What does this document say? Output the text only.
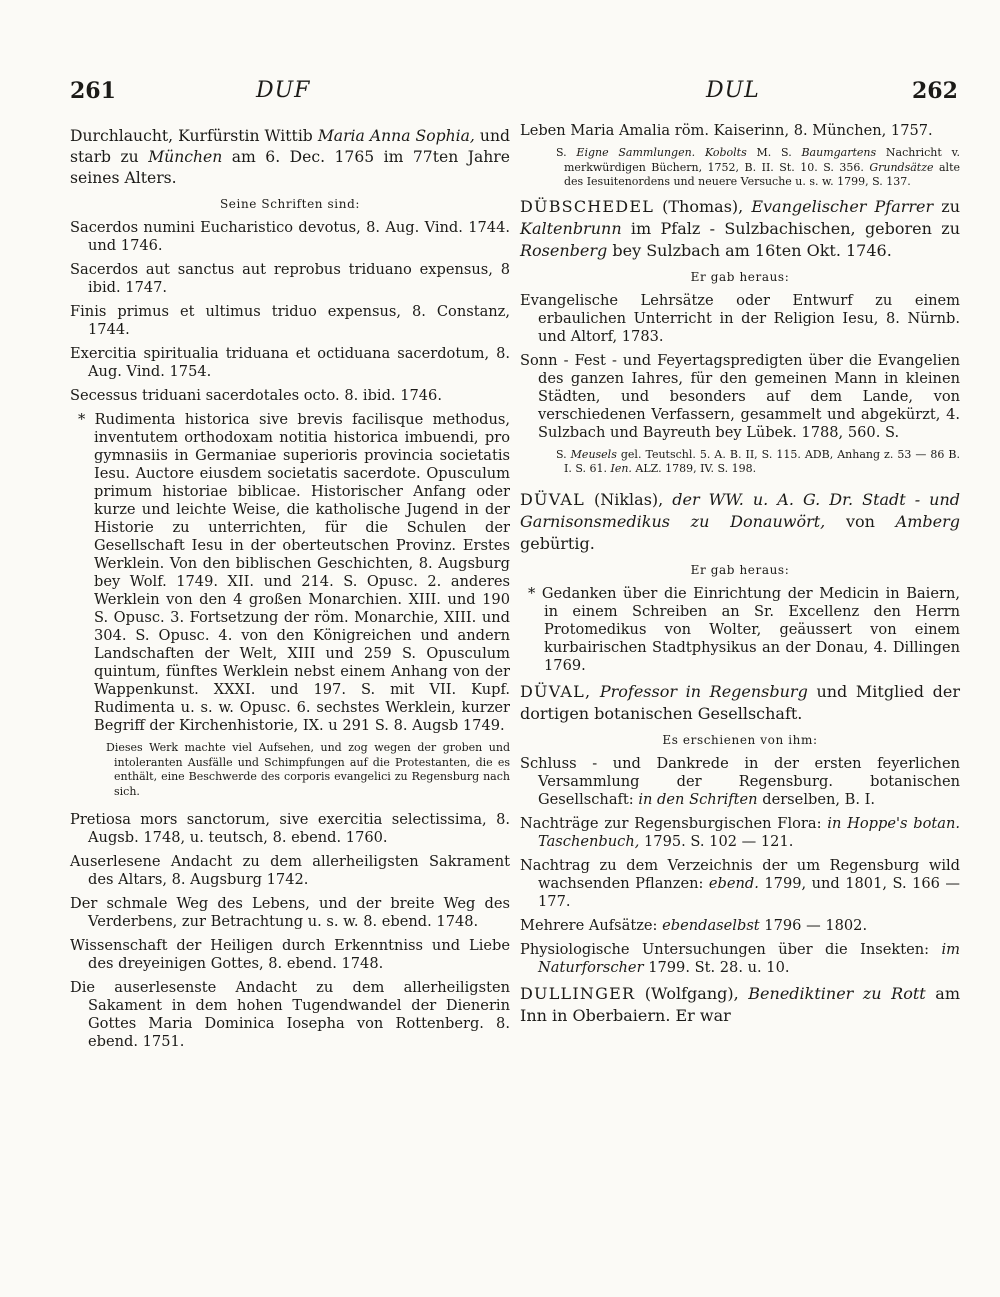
261	DUF	DUL	262

Durchlaucht, Kurfürstin Wittib Maria Anna Sophia, und starb zu München am 6. Dec. 1765 im 77ten Jahre seines Alters.

Seine Schriften sind:

Sacerdos numini Eucharistico devotus, 8. Aug. Vind. 1744. und 1746.

Sacerdos aut sanctus aut reprobus triduano expensus, 8 ibid. 1747.

Finis primus et ultimus triduo expensus, 8. Constanz, 1744.

Exercitia spiritualia triduana et octiduana sacerdotum, 8. Aug. Vind. 1754.

Secessus triduani sacerdotales octo. 8. ibid. 1746.

* Rudimenta historica sive brevis facilisque methodus, inventutem orthodoxam notitia historica imbuendi, pro gymnasiis in Germaniae superioris provincia societatis Iesu. Auctore eiusdem societatis sacerdote. Opusculum primum historiae biblicae. Historischer Anfang oder kurze und leichte Weise, die katholische Jugend in der Historie zu unterrichten, für die Schulen der Gesellschaft Iesu in der oberteutschen Provinz. Erstes Werklein. Von den biblischen Geschichten, 8. Augsburg bey Wolf. 1749. XII. und 214. S. Opusc. 2. anderes Werklein von den 4 großen Monarchien. XIII. und 190 S. Opusc. 3. Fortsetzung der röm. Monarchie, XIII. und 304. S. Opusc. 4. von den Königreichen und andern Landschaften der Welt, XIII und 259 S. Opusculum quintum, fünftes Werklein nebst einem Anhang von der Wappenkunst. XXXI. und 197. S. mit VII. Kupf. Rudimenta u. s. w. Opusc. 6. sechstes Werklein, kurzer Begriff der Kirchenhistorie, IX. u 291 S. 8. Augsb 1749.

Dieses Werk machte viel Aufsehen, und zog wegen der groben und intoleranten Ausfälle und Schimpfungen auf die Protestanten, die es enthält, eine Beschwerde des corporis evangelici zu Regensburg nach sich.

Pretiosa mors sanctorum, sive exercitia selectissima, 8. Augsb. 1748, u. teutsch, 8. ebend. 1760.

Auserlesene Andacht zu dem allerheiligsten Sakrament des Altars, 8. Augsburg 1742.

Der schmale Weg des Lebens, und der breite Weg des Verderbens, zur Betrachtung u. s. w. 8. ebend. 1748.

Wissenschaft der Heiligen durch Erkenntniss und Liebe des dreyeinigen Gottes, 8. ebend. 1748.

Die auserlesenste Andacht zu dem allerheiligsten Sakament in dem hohen Tugendwandel der Dienerin Gottes Maria Dominica Iosepha von Rottenberg. 8. ebend. 1751.

Leben Maria Amalia röm. Kaiserinn, 8. München, 1757.

S. Eigne Sammlungen. Kobolts M. S. Baumgartens Nachricht v. merkwürdigen Büchern, 1752, B. II. St. 10. S. 356. Grundsätze alte des Iesuitenordens und neuere Versuche u. s. w. 1799, S. 137.

DÜBSCHEDEL (Thomas), Evangelischer Pfarrer zu Kaltenbrunn im Pfalz - Sulzbachischen, geboren zu Rosenberg bey Sulzbach am 16ten Okt. 1746.

Er gab heraus:

Evangelische Lehrsätze oder Entwurf zu einem erbaulichen Unterricht in der Religion Iesu, 8. Nürnb. und Altorf, 1783.

Sonn - Fest - und Feyertagspredigten über die Evangelien des ganzen Iahres, für den gemeinen Mann in kleinen Städten, und besonders auf dem Lande, von verschiedenen Verfassern, gesammelt und abgekürzt, 4. Sulzbach und Bayreuth bey Lübek. 1788, 560. S.

S. Meusels gel. Teutschl. 5. A. B. II, S. 115. ADB, Anhang z. 53 — 86 B. I. S. 61. Ien. ALZ. 1789, IV. S. 198.

DÜVAL (Niklas), der WW. u. A. G. Dr. Stadt - und Garnisonsmedikus zu Donauwört, von Amberg gebürtig.

Er gab heraus:

* Gedanken über die Einrichtung der Medicin in Baiern, in einem Schreiben an Sr. Excellenz den Herrn Protomedikus von Wolter, geäussert von einem kurbairischen Stadtphysikus an der Donau, 4. Dillingen 1769.

DÜVAL, Professor in Regensburg und Mitglied der dortigen botanischen Gesellschaft.

Es erschienen von ihm:

Schluss - und Dankrede in der ersten feyerlichen Versammlung der Regensburg. botanischen Gesellschaft: in den Schriften derselben, B. I.

Nachträge zur Regensburgischen Flora: in Hoppe's botan. Taschenbuch, 1795. S. 102 — 121.

Nachtrag zu dem Verzeichnis der um Regensburg wild wachsenden Pflanzen: ebend. 1799, und 1801, S. 166 — 177.

Mehrere Aufsätze: ebendaselbst 1796 — 1802.

Physiologische Untersuchungen über die Insekten: im Naturforscher 1799. St. 28. u. 10.

DULLINGER (Wolfgang), Benediktiner zu Rott am Inn in Oberbaiern. Er war
